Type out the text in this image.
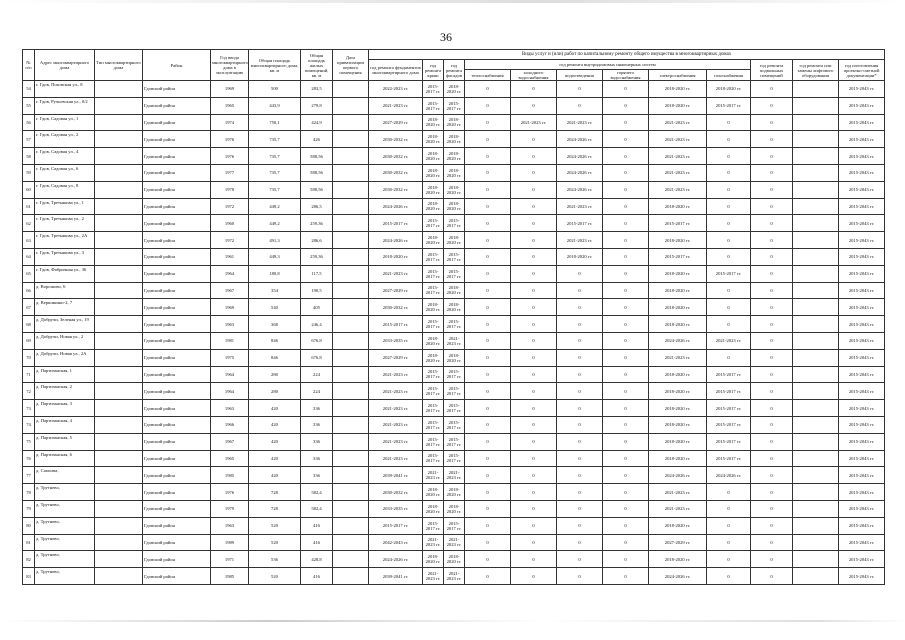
36
№ п/п	Адрес многоквартирного дома	Тип многоквартирного дома	Район	Год ввода многоквартирного дома в эксплуатацию	Общая площадь многоквартирного дома, кв. м	Общая площадь жилых помещений, кв. м	Дата приватизации первого помещения	Виды услуг и (или) работ по капитальному ремонту общего имущества в многоквартирных домах											
								год ремонта фундаментов многоквартирного дома	год ремонта крыш	год ремонта фасадов	год ремонта внутридомовых инженерных систем						год ремонта подвальных помещений	год ремонта или замены лифтового оборудования	год изготовления проектно-сметной документации*
											теплоснабжения	холодного водоснабжения	водоотведения	горячего водоснабжения	электроснабжения	газоснабжения			
54	г. Гдов, Псковская ул., 8		Гдовский район	1969	500	283,5		2022-2023 гг.	2015-2017 гг.	2018-2020 гг.	0	0	0	0	2018-2020 гг.	2018-2020 гг.	0		2015-2043 гг.
55	г. Гдов, Ручьевская ул., 0/2		Гдовский район	1965	443,9	279,8		2021-2023 гг.	2015-2017 гг.	2015-2017 гг.	0	0	0	0	2018-2020 гг.	2015-2017 гг.	0		2015-2043 гг.
56	г. Гдов, Садовая ул., 1		Гдовский район	1974	750,1	424,9		2027-2029 гг.	2018-2020 гг.	2018-2020 гг.	0	2021-2023 гг.	2021-2023 гг.	0	2021-2023 гг.	0	0		2015-2043 гг.
57	г. Гдов, Садовая ул., 2		Гдовский район	1976	735,7	426		2030-2032 гг.	2018-2020 гг.	2018-2020 гг.	0	0	2024-2026 гг.	0	2021-2023 гг.	0	0		2015-2043 гг.
58	г. Гдов, Садовая ул., 4		Гдовский район	1976	735,7	588,56		2030-2032 гг.	2018-2020 гг.	2018-2020 гг.	0	0	2024-2026 гг.	0	2021-2023 гг.	0	0		2015-2043 гг.
59	г. Гдов, Садовая ул., 6		Гдовский район	1977	735,7	588,56		2030-2032 гг.	2018-2020 гг.	2018-2020 гг.	0	0	2024-2026 гг.	0	2021-2023 гг.	0	0		2015-2043 гг.
60	г. Гдов, Садовая ул., 8		Гдовский район	1978	735,7	588,56		2030-2032 гг.	2018-2020 гг.	2018-2020 гг.	0	0	2024-2026 гг.	0	2021-2023 гг.	0	0		2015-2043 гг.
61	г. Гдов, Третьякова ул., 1		Гдовский район	1972	449,2	286,5		2024-2026 гг.	2018-2020 гг.	2018-2020 гг.	0	0	2021-2023 гг.	0	2018-2020 гг.	0	0		2015-2043 гг.
62	г. Гдов, Третьякова ул., 2		Гдовский район	1960	449,2	259,36		2015-2017 гг.	2015-2017 гг.	2015-2017 гг.	0	0	2015-2017 гг.	0	2015-2017 гг.	0	0		2015-2043 гг.
63	г. Гдов, Третьякова ул., 2А		Гдовский район	1972	491,3	286,6		2024-2026 гг.	2018-2020 гг.	2018-2020 гг.	0	0	2021-2023 гг.	0	2018-2020 гг.	0	0		2015-2043 гг.
64	г. Гдов, Третьякова ул., 3		Гдовский район	1961	449,3	259,36		2018-2020 гг.	2015-2017 гг.	2015-2017 гг.	0	0	2018-2020 гг.	0	2015-2017 гг.	0	0		2015-2043 гг.
65	г. Гдов, Фабричная ул., 36		Гдовский район	1964	180,8	117,5		2021-2023 гг.	2015-2017 гг.	2015-2017 гг.	0	0	0	0	2018-2020 гг.	2015-2017 гг.	0		2015-2043 гг.
66	д. Ворошово, 6		Гдовский район	1967	354	190,5		2027-2029 гг.	2015-2017 гг.	2018-2020 гг.	0	0	0	0	2018-2020 гг.	0	0		2015-2043 гг.
67	д. Вершинино-2, 7		Гдовский район	1969	540	405		2030-2032 гг.	2018-2020 гг.	2018-2020 гг.	0	0	0	0	2018-2020 гг.	0	0		2015-2043 гг.
68	д. Добручи, Зеленая ул., 19		Гдовский район	1963	368	246,4		2015-2017 гг.	2015-2017 гг.	2015-2017 гг.	0	0	0	0	2018-2020 гг.	0	0		2015-2043 гг.
69	д. Добручи, Новая ул., 2		Гдовский район	1981	846	676,8		2033-2035 гг.	2018-2020 гг.	2021-2023 гг.	0	0	0	0	2024-2026 гг.	2021-2023 гг.	0		2015-2043 гг.
70	д. Добручи, Новая ул., 2А		Гдовский район	1975	846	676,8		2027-2029 гг.	2018-2020 гг.	2018-2020 гг.	0	0	0	0	2021-2023 гг.	0	0		2015-2043 гг.
71	д. Партизанская, 1		Гдовский район	1964	280	224		2021-2023 гг.	2015-2017 гг.	2015-2017 гг.	0	0	0	0	2018-2020 гг.	2015-2017 гг.	0		2015-2043 гг.
72	д. Партизанская, 2		Гдовский район	1964	280	224		2021-2023 гг.	2015-2017 гг.	2015-2017 гг.	0	0	0	0	2018-2020 гг.	2015-2017 гг.	0		2015-2043 гг.
73	д. Партизанская, 3		Гдовский район	1963	420	336		2021-2023 гг.	2015-2017 гг.	2015-2017 гг.	0	0	0	0	2018-2020 гг.	2015-2017 гг.	0		2015-2043 гг.
74	д. Партизанская, 4		Гдовский район	1966	420	336		2021-2023 гг.	2015-2017 гг.	2015-2017 гг.	0	0	0	0	2018-2020 гг.	2015-2017 гг.	0		2015-2043 гг.
75	д. Партизанская, 5		Гдовский район	1967	420	336		2021-2023 гг.	2015-2017 гг.	2015-2017 гг.	0	0	0	0	2018-2020 гг.	2015-2017 гг.	0		2015-2043 гг.
76	д. Партизанская, 6		Гдовский район	1965	420	336		2021-2023 гг.	2015-2017 гг.	2015-2017 гг.	0	0	0	0	2018-2020 гг.	2015-2017 гг.	0		2015-2043 гг.
77	д. Самолва,		Гдовский район	1985	420	336		2039-2041 гг.	2021-2023 гг.	2021-2023 гг.	0	0	0	0	2024-2026 гг.	2024-2026 гг.	0		2015-2043 гг.
78	д. Трутнево,		Гдовский район	1976	728	582,4		2030-2032 гг.	2018-2020 гг.	2018-2020 гг.	0	0	0	0	2021-2023 гг.	0	0		2015-2043 гг.
79	д. Трутнево,		Гдовский район	1979	728	582,4		2033-2035 гг.	2018-2020 гг.	2018-2020 гг.	0	0	0	0	2021-2023 гг.	0	0		2015-2043 гг.
80	д. Трутнево,		Гдовский район	1963	520	416		2015-2017 гг.	2015-2017 гг.	2015-2017 гг.	0	0	0	0	2018-2020 гг.	0	0		2015-2043 гг.
81	д. Трутнево,		Гдовский район	1989	520	416		2042-2043 гг.	2021-2023 гг.	2021-2023 гг.	0	0	0	0	2027-2029 гг.	0	0		2015-2043 гг.
82	д. Трутнево,		Гдовский район	1971	536	428,8		2024-2026 гг.	2018-2020 гг.	2018-2020 гг.	0	0	0	0	2018-2020 гг.	0	0		2015-2043 гг.
83	д. Трутнево,		Гдовский район	1985	520	416		2039-2041 гг.	2021-2023 гг.	2021-2023 гг.	0	0	0	0	2024-2026 гг.	0	0		2015-2043 гг.
